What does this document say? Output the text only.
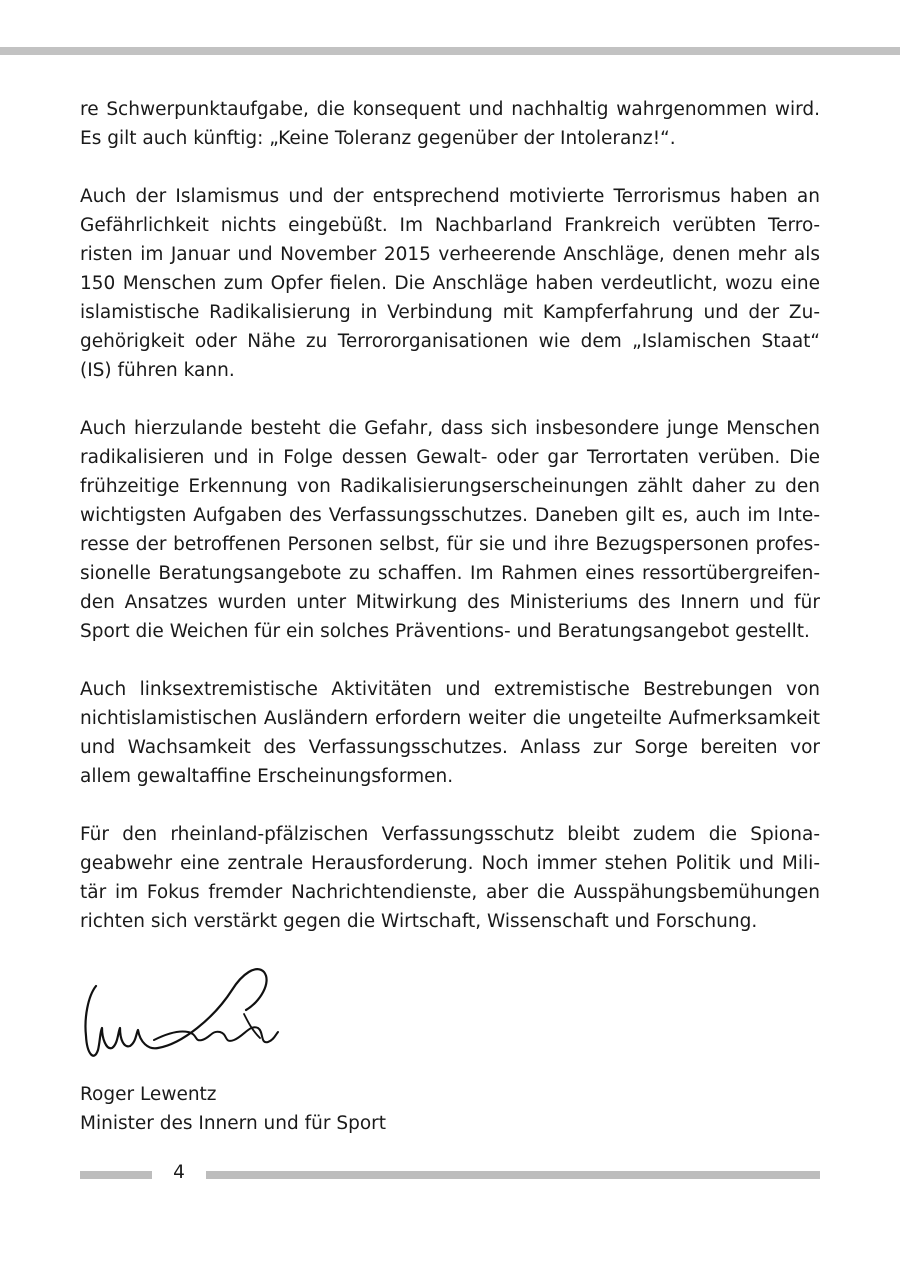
re Schwerpunktaufgabe, die konsequent und nachhaltig wahrgenommen wird. Es gilt auch künftig: „Keine Toleranz gegenüber der Intoleranz!“.

Auch der Islamismus und der entsprechend motivierte Terrorismus haben an Gefährlichkeit nichts eingebüßt. Im Nachbarland Frankreich verübten Terroristen im Januar und November 2015 verheerende Anschläge, denen mehr als 150 Menschen zum Opfer fielen. Die Anschläge haben verdeutlicht, wozu eine islamistische Radikalisierung in Verbindung mit Kampferfahrung und der Zugehörigkeit oder Nähe zu Terrororganisationen wie dem „Islamischen Staat“ (IS) führen kann.

Auch hierzulande besteht die Gefahr, dass sich insbesondere junge Menschen radikalisieren und in Folge dessen Gewalt- oder gar Terrortaten verüben. Die frühzeitige Erkennung von Radikalisierungserscheinungen zählt daher zu den wichtigsten Aufgaben des Verfassungsschutzes. Daneben gilt es, auch im Interesse der betroffenen Personen selbst, für sie und ihre Bezugspersonen professionelle Beratungsangebote zu schaffen. Im Rahmen eines ressortübergreifenden Ansatzes wurden unter Mitwirkung des Ministeriums des Innern und für Sport die Weichen für ein solches Präventions- und Beratungsangebot gestellt.

Auch linksextremistische Aktivitäten und extremistische Bestrebungen von nichtislamistischen Ausländern erfordern weiter die ungeteilte Aufmerksamkeit und Wachsamkeit des Verfassungsschutzes. Anlass zur Sorge bereiten vor allem gewaltaffine Erscheinungsformen.

Für den rheinland-pfälzischen Verfassungsschutz bleibt zudem die Spionageabwehr eine zentrale Herausforderung. Noch immer stehen Politik und Militär im Fokus fremder Nachrichtendienste, aber die Ausspähungsbemühungen richten sich verstärkt gegen die Wirtschaft, Wissenschaft und Forschung.

Roger Lewentz
Minister des Innern und für Sport
4
